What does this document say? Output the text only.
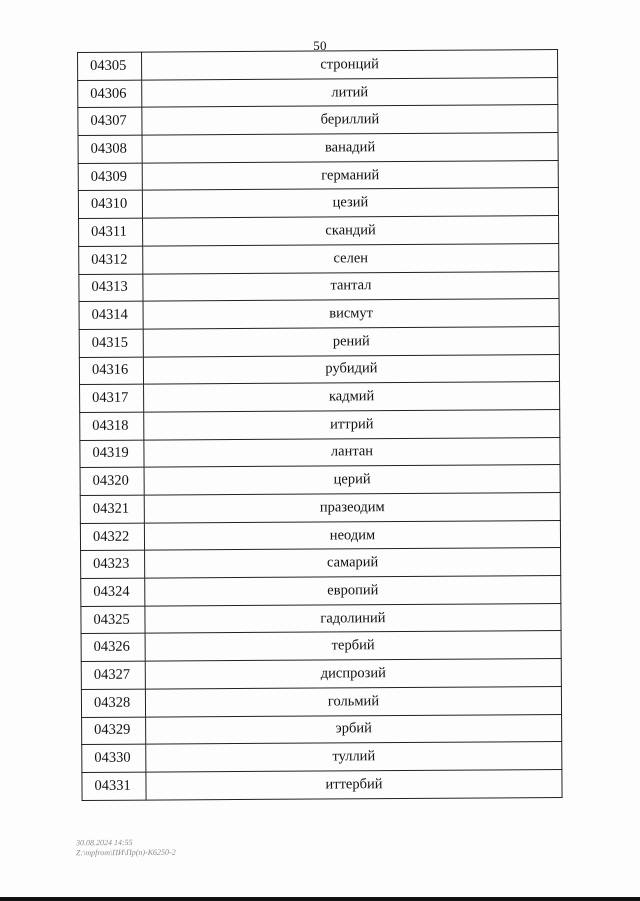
50
04305	стронций
04306	литий
04307	бериллий
04308	ванадий
04309	германий
04310	цезий
04311	скандий
04312	селен
04313	тантал
04314	висмут
04315	рений
04316	рубидий
04317	кадмий
04318	иттрий
04319	лантан
04320	церий
04321	празеодим
04322	неодим
04323	самарий
04324	европий
04325	гадолиний
04326	тербий
04327	диспрозий
04328	гольмий
04329	эрбий
04330	туллий
04331	иттербий
30.08.2024 14:55
Z:\mpfrom\ПИ\Пр(п)-К6250-2
